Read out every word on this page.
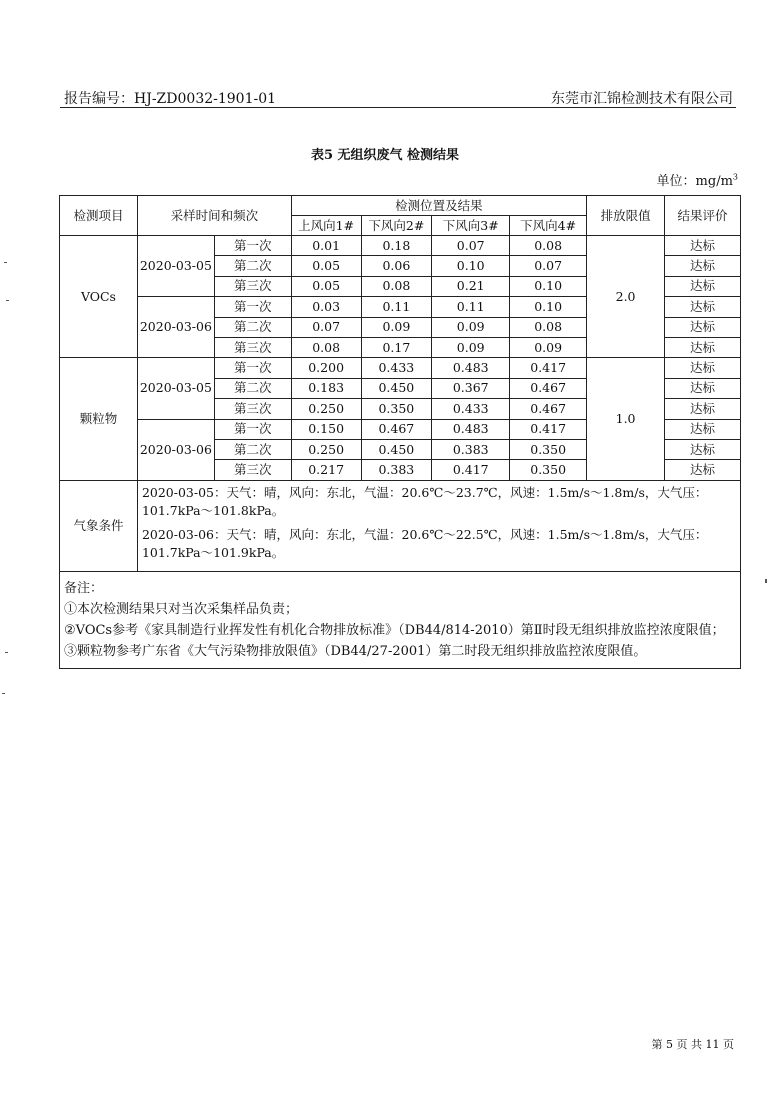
报告编号：HJ-ZD0032-1901-01	东莞市汇锦检测技术有限公司
表5 无组织废气 检测结果
单位：$mg/m^3$
检测项目	采样时间和频次		检测位置及结果				排放限值	结果评价
			上风向1#	下风向2#	下风向3#	下风向4#		
VOCs	2020-03-05	第一次	0.01	0.18	0.07	0.08	2.0	达标
		第二次	0.05	0.06	0.10	0.07		达标
		第三次	0.05	0.08	0.21	0.10		达标
	2020-03-06	第一次	0.03	0.11	0.11	0.10		达标
		第二次	0.07	0.09	0.09	0.08		达标
		第三次	0.08	0.17	0.09	0.09		达标
颗粒物	2020-03-05	第一次	0.200	0.433	0.483	0.417	1.0	达标
		第二次	0.183	0.450	0.367	0.467		达标
		第三次	0.250	0.350	0.433	0.467		达标
	2020-03-06	第一次	0.150	0.467	0.483	0.417		达标
		第二次	0.250	0.450	0.383	0.350		达标
		第三次	0.217	0.383	0.417	0.350		达标
气象条件	2020-03-05：天气：晴，风向：东北，气温：20.6℃～23.7℃，风速：1.5m/s～1.8m/s，大气压：101.7kPa～101.8kPa。

2020-03-06：天气：晴，风向：东北，气温：20.6℃～22.5℃，风速：1.5m/s～1.8m/s，大气压：101.7kPa～101.9kPa。							

备注：
①本次检测结果只对当次采集样品负责；
②VOCs参考《家具制造行业挥发性有机化合物排放标准》（DB44/814-2010）第Ⅱ时段无组织排放监控浓度限值；
③颗粒物参考广东省《大气污染物排放限值》（DB44/27-2001）第二时段无组织排放监控浓度限值。								
第 5 页 共 11 页
